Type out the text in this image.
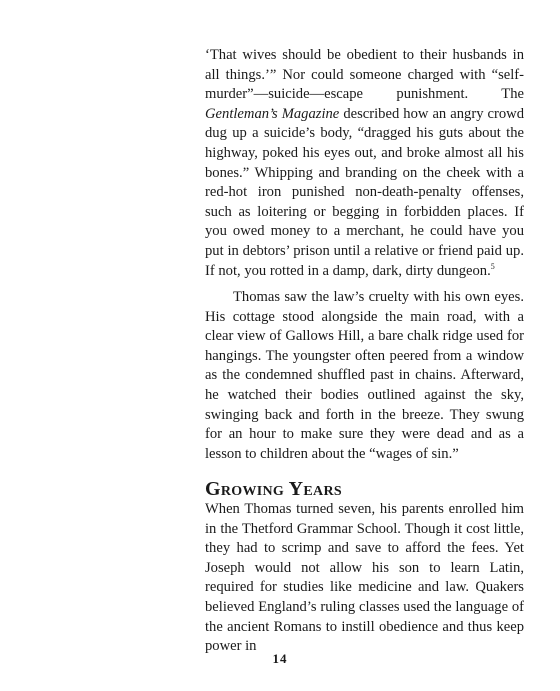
‘That wives should be obedient to their husbands in all things.’” Nor could someone charged with “self-murder”—suicide—escape punishment. The Gentleman’s Magazine described how an angry crowd dug up a suicide’s body, “dragged his guts about the highway, poked his eyes out, and broke almost all his bones.” Whipping and branding on the cheek with a red-hot iron punished non-death-penalty offenses, such as loitering or begging in forbidden places. If you owed money to a merchant, he could have you put in debtors’ prison until a relative or friend paid up. If not, you rotted in a damp, dark, dirty dungeon.$^5$

Thomas saw the law’s cruelty with his own eyes. His cottage stood alongside the main road, with a clear view of Gallows Hill, a bare chalk ridge used for hangings. The youngster often peered from a window as the condemned shuffled past in chains. Afterward, he watched their bodies outlined against the sky, swinging back and forth in the breeze. They swung for an hour to make sure they were dead and as a lesson to children about the “wages of sin.”

Growing Years

When Thomas turned seven, his parents enrolled him in the Thetford Grammar School. Though it cost little, they had to scrimp and save to afford the fees. Yet Joseph would not allow his son to learn Latin, required for studies like medicine and law. Quakers believed England’s ruling classes used the language of the ancient Romans to instill obedience and thus keep power in

14
